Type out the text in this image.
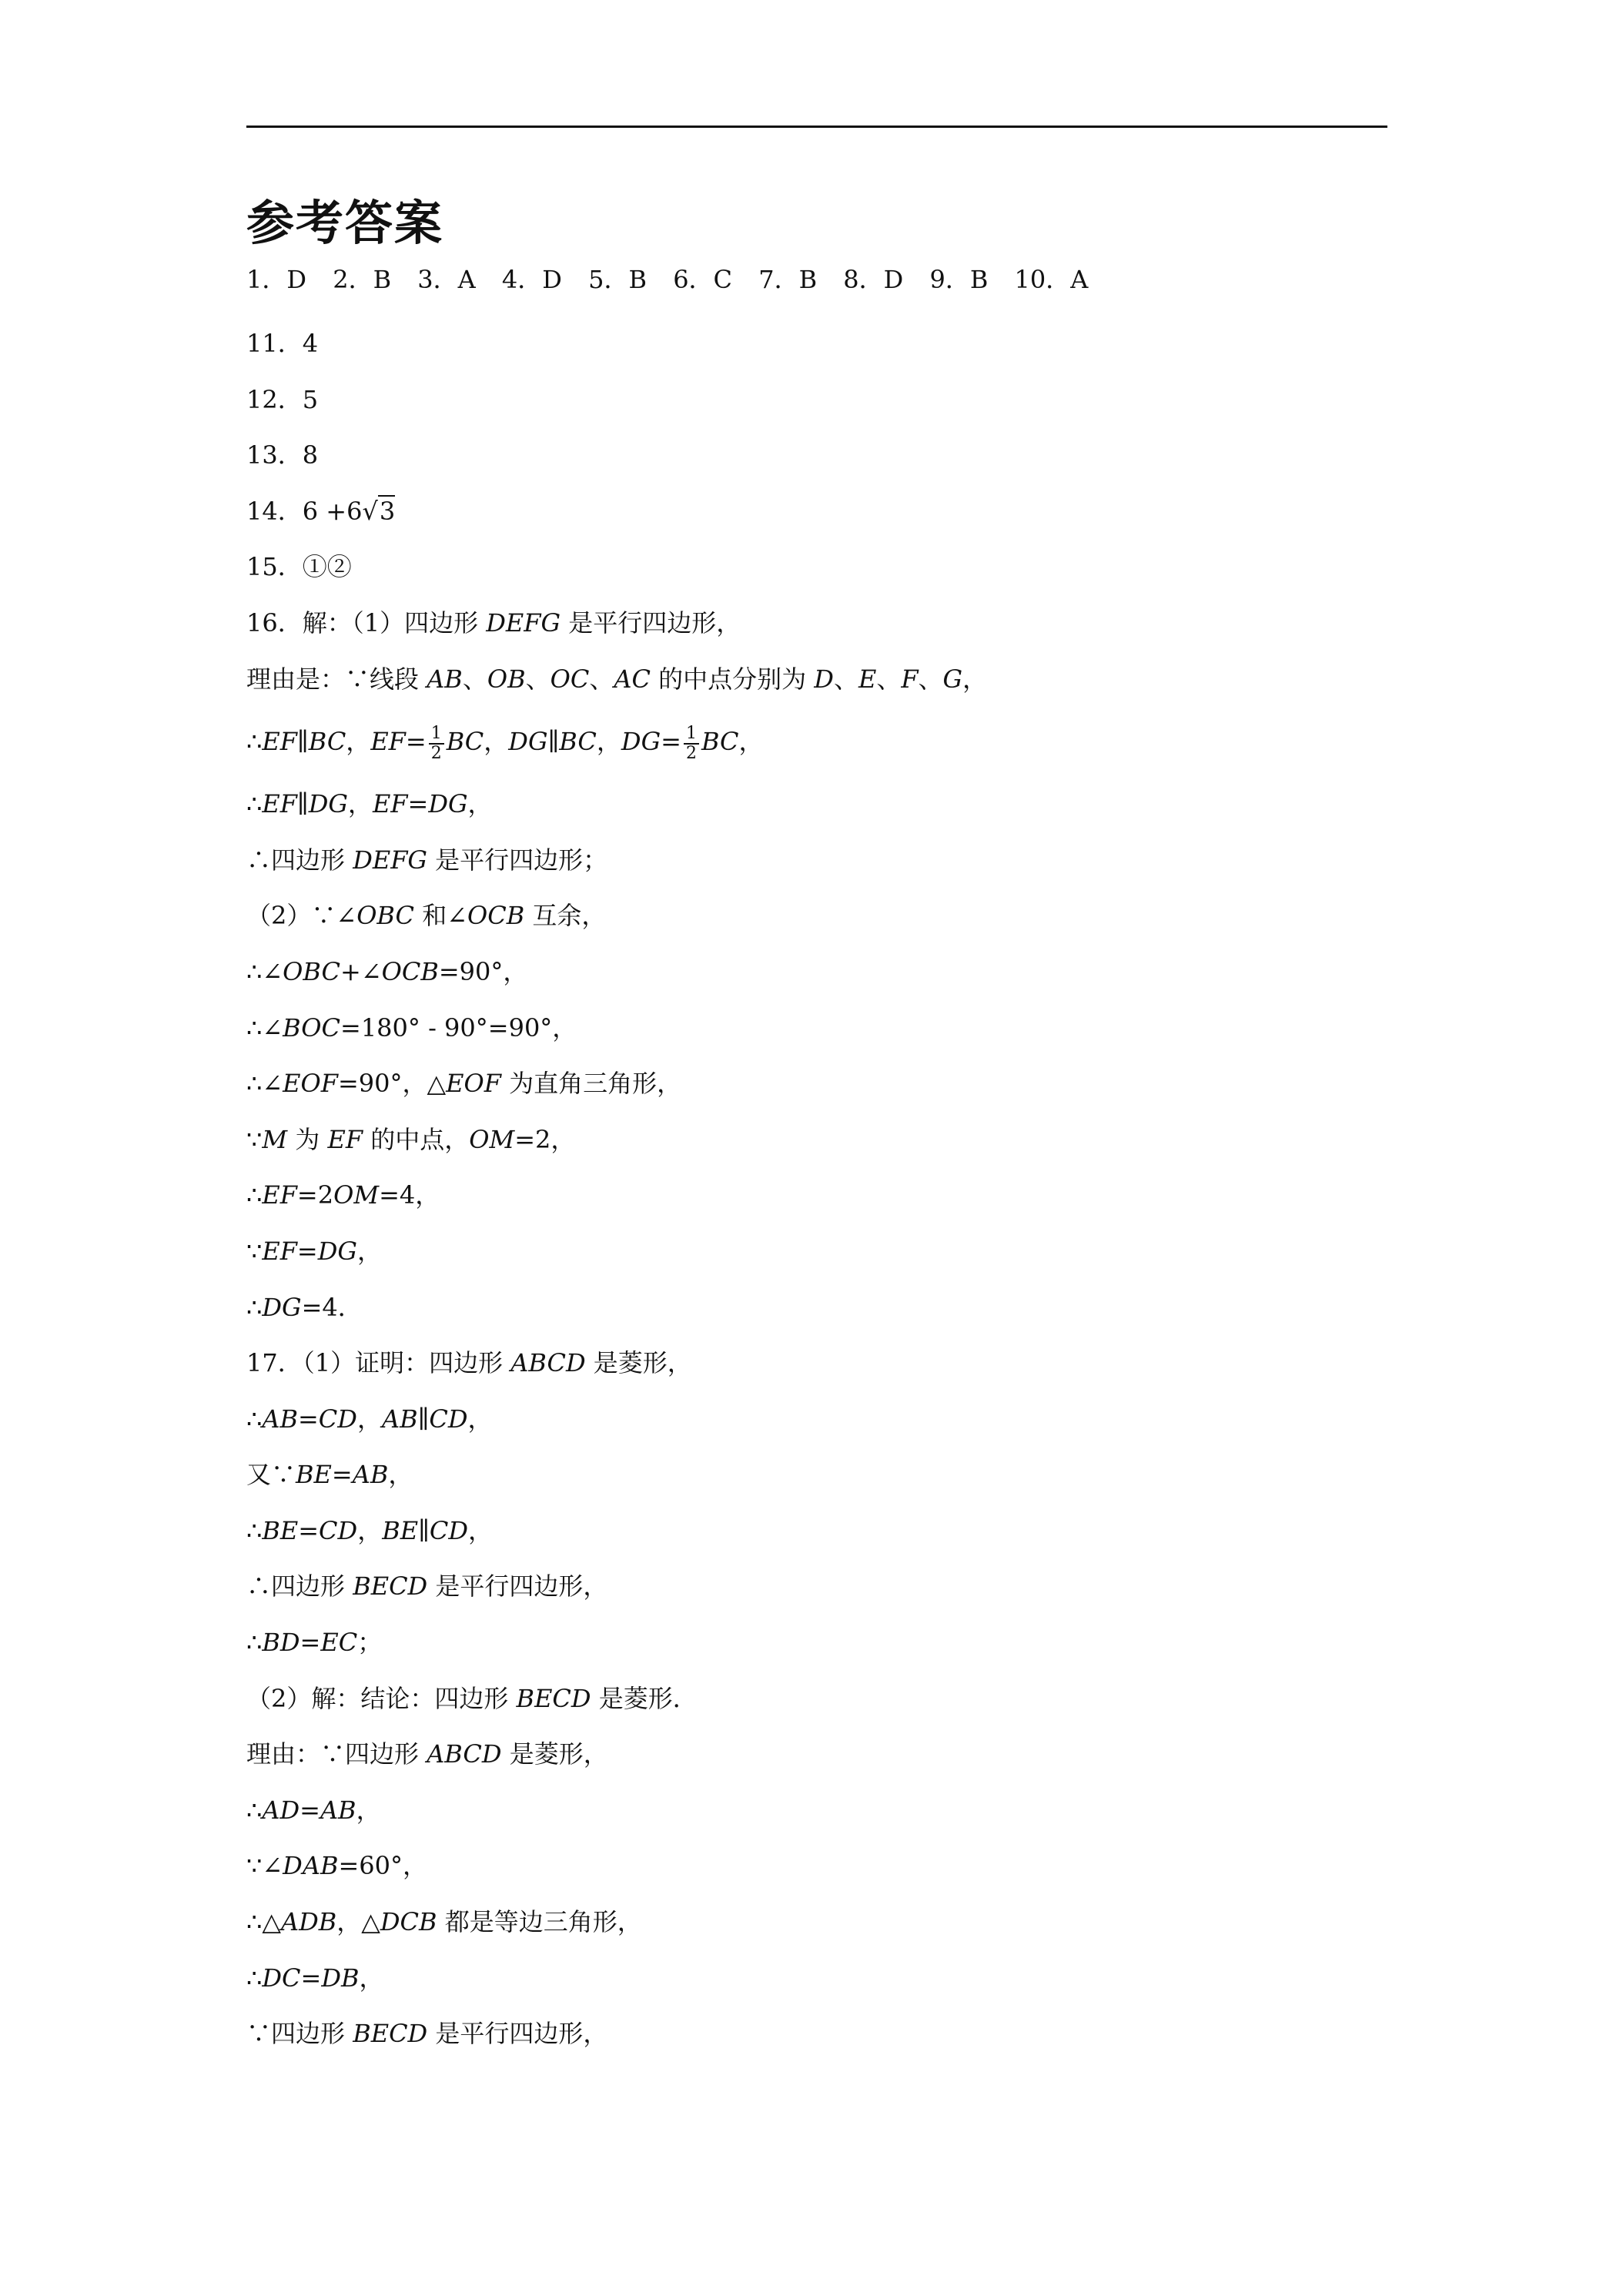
参考答案
1．D 2．B 3．A 4．D 5．B 6．C 7．B 8．D 9．B 10．A
11．4
12．5
13．8
14．6 +6√3
15．①②
16．解：（1）四边形 DEFG 是平行四边形，
理由是：∵线段 AB、OB、OC、AC 的中点分别为 D、E、F、G，
∴EF∥BC，$EF= \frac{1}{2}$ BC，DG∥BC，$DG= \frac{1}{2}$ BC，
∴EF∥DG，EF=DG，
∴四边形 DEFG 是平行四边形；
（2）∵∠OBC 和∠OCB 互余，
∴∠OBC+∠OCB=90°，
∴∠BOC=180° - 90°=90°，
∴∠EOF=90°，△EOF 为直角三角形，
∵M 为 EF 的中点，OM=2，
∴EF=2OM=4，
∵EF=DG，
∴DG=4．
17．（1）证明：四边形 ABCD 是菱形，
∴AB=CD，AB∥CD，
又∵BE=AB，
∴BE=CD，BE∥CD，
∴四边形 BECD 是平行四边形，
∴BD=EC；
（2）解：结论：四边形 BECD 是菱形．
理由：∵四边形 ABCD 是菱形，
∴AD=AB，
∵∠DAB=60°，
∴△ADB，△DCB 都是等边三角形，
∴DC=DB，
∵四边形 BECD 是平行四边形，
